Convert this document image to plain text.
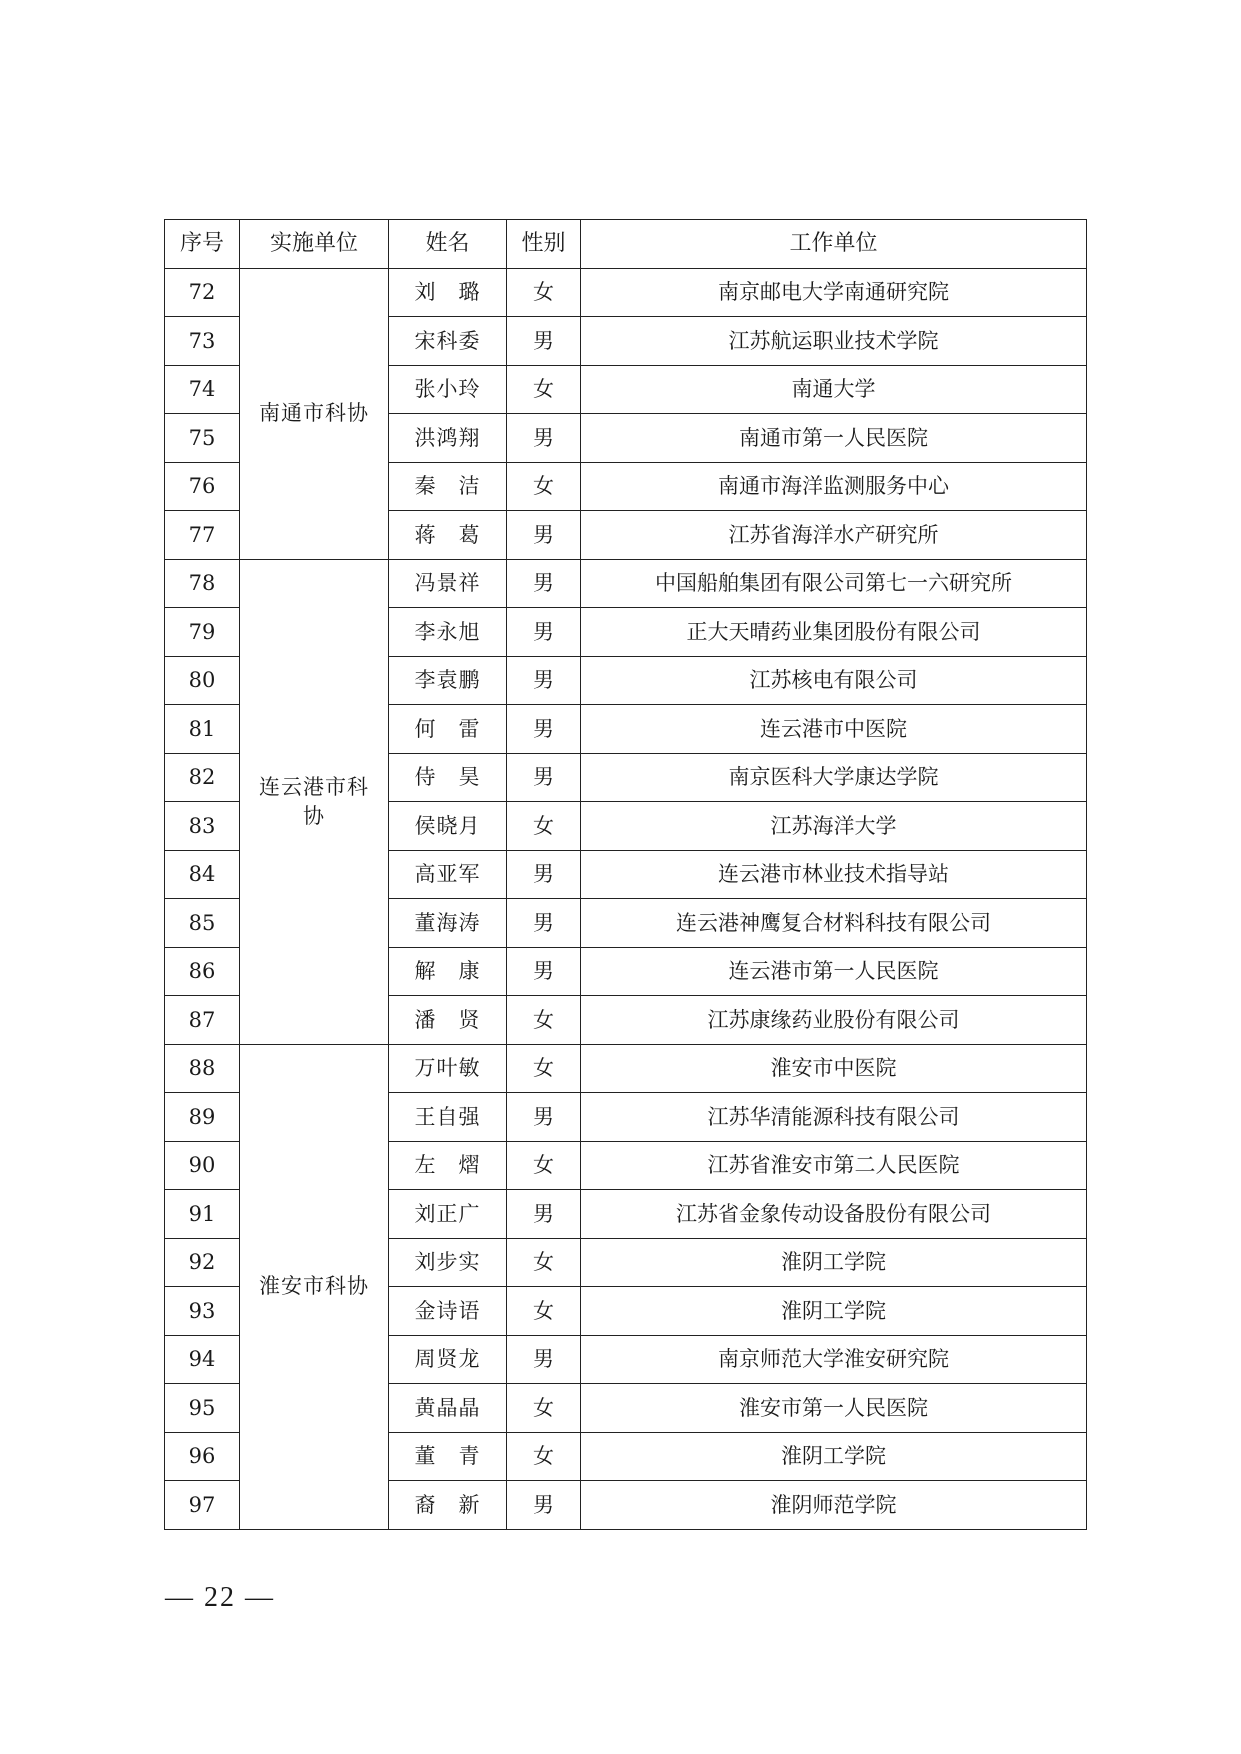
序号	实施单位	姓名	性别	工作单位
72	南通市科协	刘　璐	女	南京邮电大学南通研究院
73		宋科委	男	江苏航运职业技术学院
74		张小玲	女	南通大学
75		洪鸿翔	男	南通市第一人民医院
76		秦　洁	女	南通市海洋监测服务中心
77		蒋　葛	男	江苏省海洋水产研究所
78	连云港市科协	冯景祥	男	中国船舶集团有限公司第七一六研究所
79		李永旭	男	正大天晴药业集团股份有限公司
80		李袁鹏	男	江苏核电有限公司
81		何　雷	男	连云港市中医院
82		侍　昊	男	南京医科大学康达学院
83		侯晓月	女	江苏海洋大学
84		高亚军	男	连云港市林业技术指导站
85		董海涛	男	连云港神鹰复合材料科技有限公司
86		解　康	男	连云港市第一人民医院
87		潘　贤	女	江苏康缘药业股份有限公司
88	淮安市科协	万叶敏	女	淮安市中医院
89		王自强	男	江苏华清能源科技有限公司
90		左　熠	女	江苏省淮安市第二人民医院
91		刘正广	男	江苏省金象传动设备股份有限公司
92		刘步实	女	淮阴工学院
93		金诗语	女	淮阴工学院
94		周贤龙	男	南京师范大学淮安研究院
95		黄晶晶	女	淮安市第一人民医院
96		董　青	女	淮阴工学院
97		裔　新	男	淮阴师范学院
— 22 —
